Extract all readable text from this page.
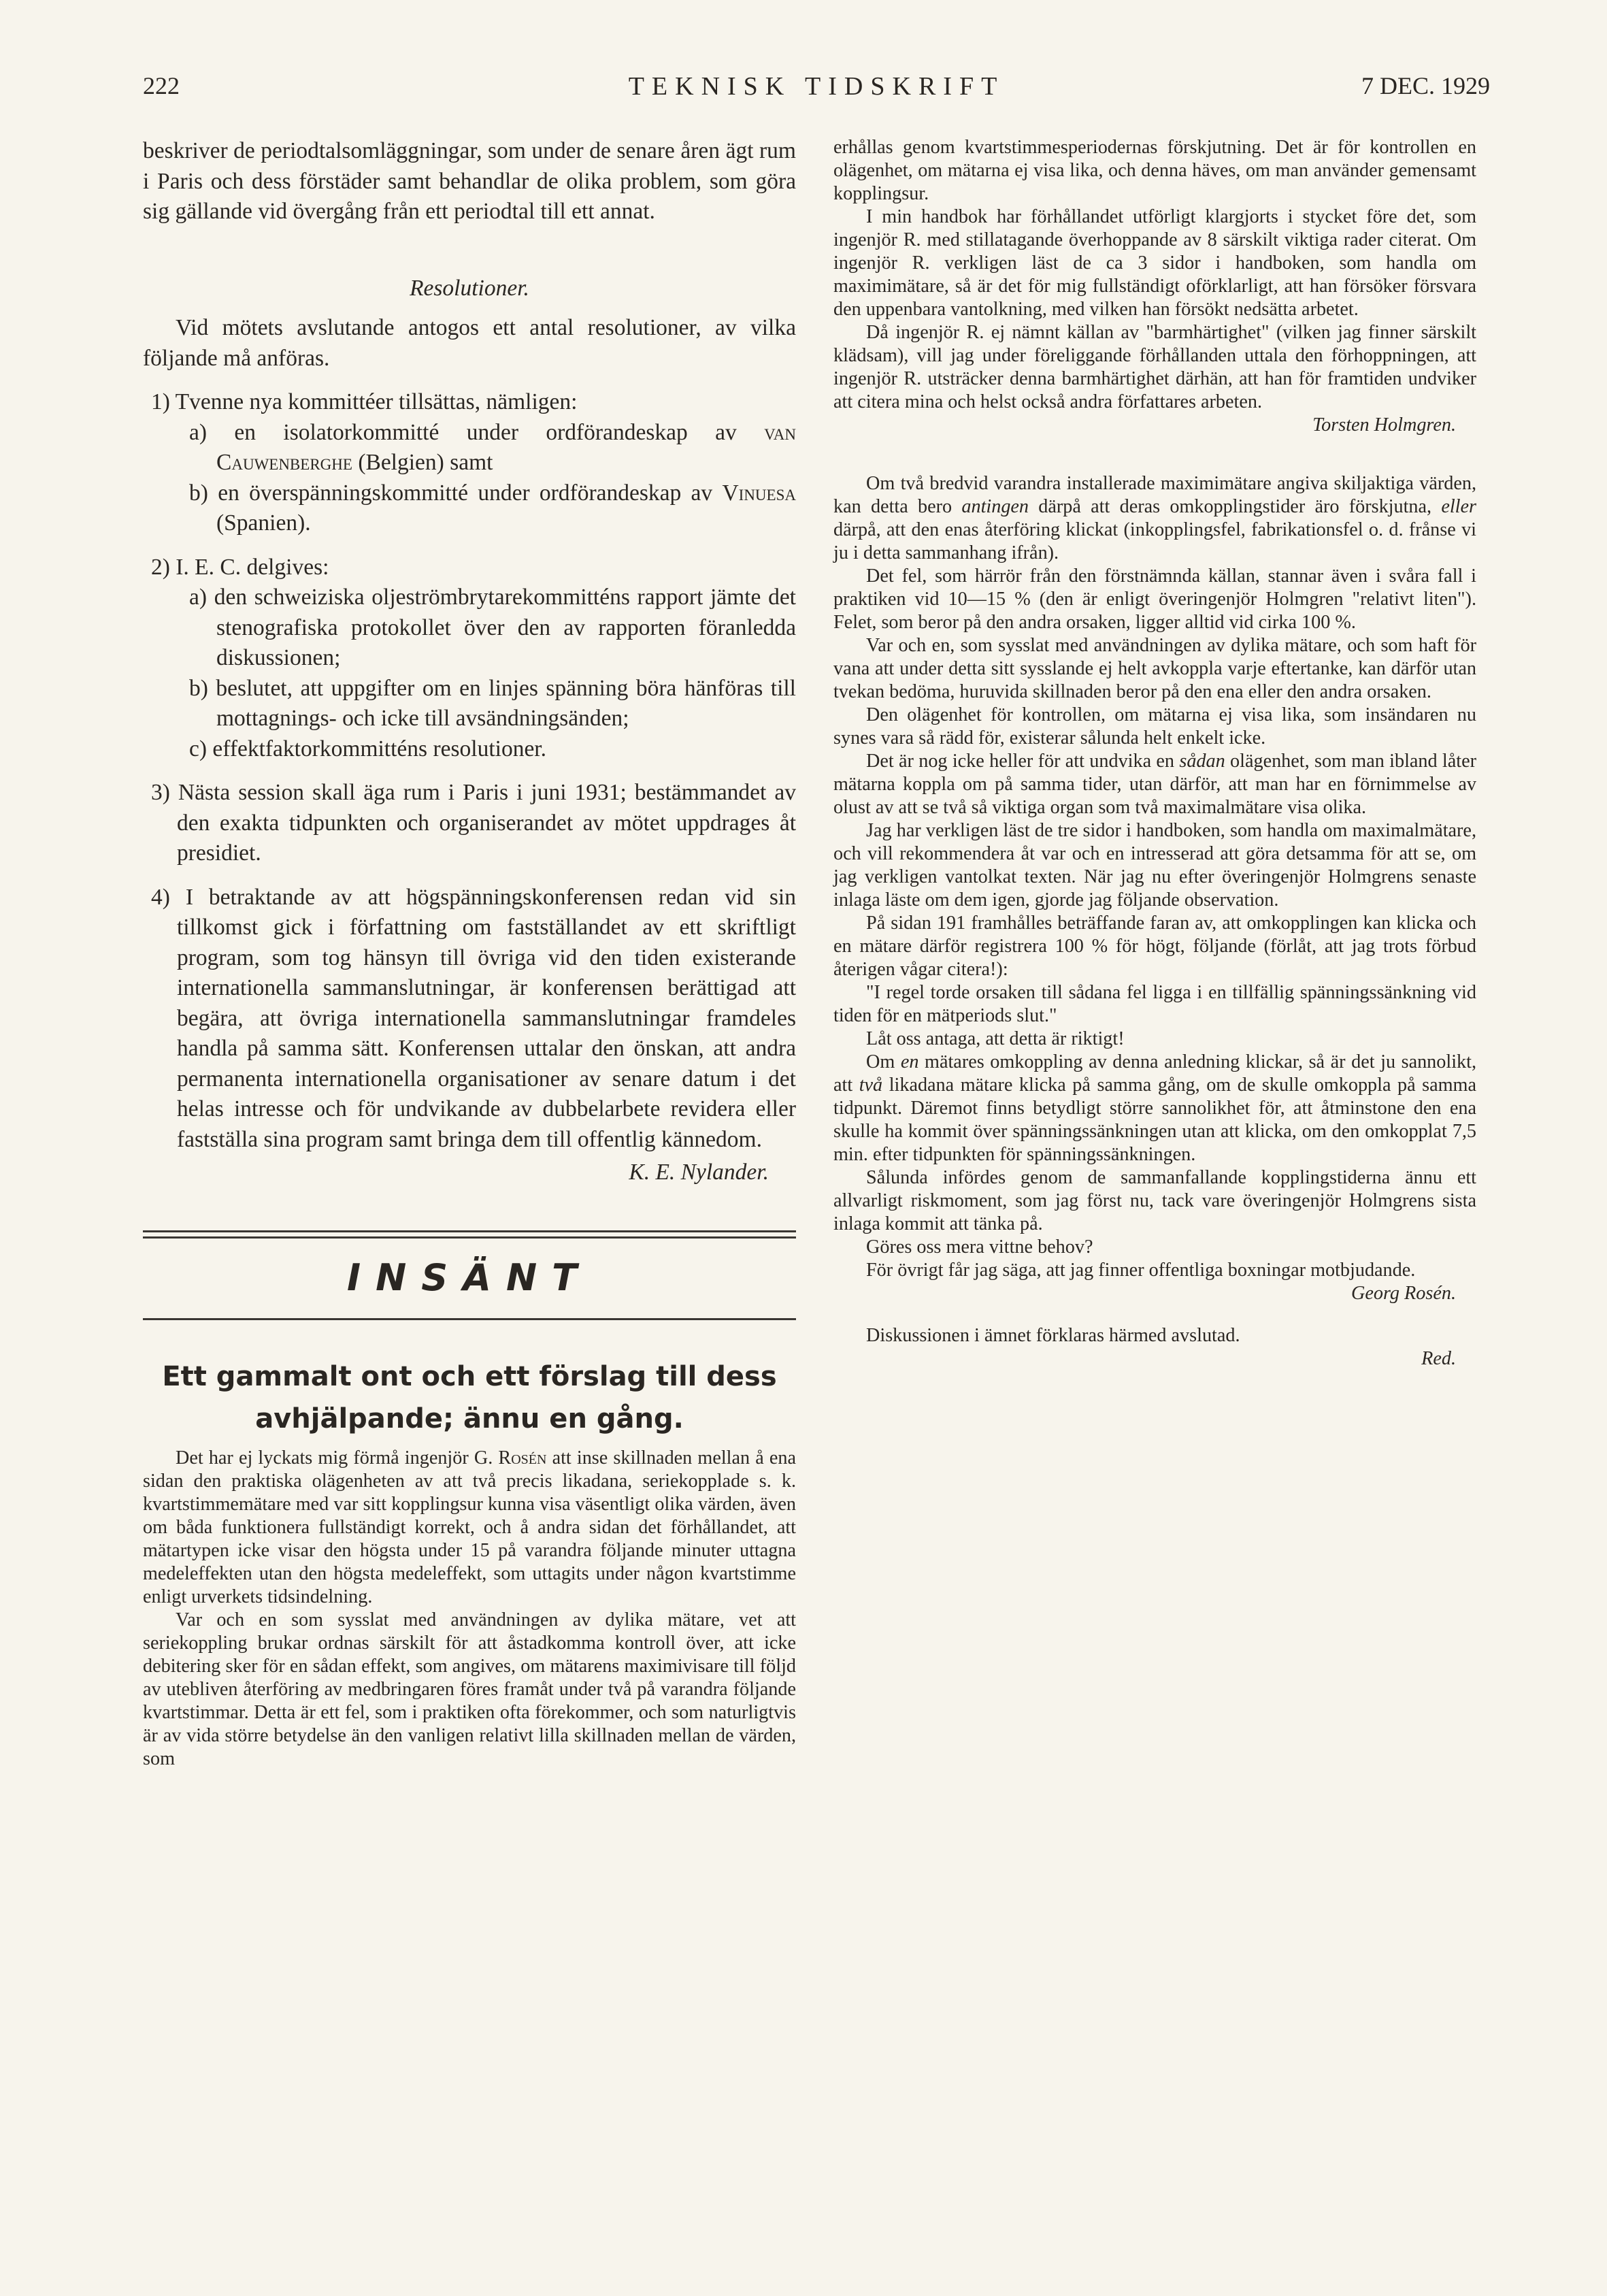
222	TEKNISK TIDSKRIFT	7 DEC. 1929

beskriver de periodtalsomläggningar, som under de senare åren ägt rum i Paris och dess förstäder samt behandlar de olika problem, som göra sig gällande vid övergång från ett periodtal till ett annat.

Resolutioner.

Vid mötets avslutande antogos ett antal resolutioner, av vilka följande må anföras.

1) Tvenne nya kommittéer tillsättas, nämligen:
a) en isolatorkommitté under ordförandeskap av van Cauwenberghe (Belgien) samt
b) en överspänningskommitté under ordförandeskap av Vinuesa (Spanien).
2) I. E. C. delgives:
a) den schweiziska oljeströmbrytarekommitténs rapport jämte det stenografiska protokollet över den av rapporten föranledda diskussionen;
b) beslutet, att uppgifter om en linjes spänning böra hänföras till mottagnings- och icke till avsändningsänden;
c) effektfaktorkommitténs resolutioner.
3) Nästa session skall äga rum i Paris i juni 1931; bestämmandet av den exakta tidpunkten och organiserandet av mötet uppdrages åt presidiet.
4) I betraktande av att högspänningskonferensen redan vid sin tillkomst gick i författning om fastställandet av ett skriftligt program, som tog hänsyn till övriga vid den tiden existerande internationella sammanslutningar, är konferensen berättigad att begära, att övriga internationella sammanslutningar framdeles handla på samma sätt. Konferensen uttalar den önskan, att andra permanenta internationella organisationer av senare datum i det helas intresse och för undvikande av dubbelarbete revidera eller fastställa sina program samt bringa dem till offentlig kännedom.

K. E. Nylander.

INSÄNT
Ett gammalt ont och ett förslag till dess avhjälpande; ännu en gång.

Det har ej lyckats mig förmå ingenjör G. Rosén att inse skillnaden mellan å ena sidan den praktiska olägenheten av att två precis likadana, seriekopplade s. k. kvartstimmemätare med var sitt kopplingsur kunna visa väsentligt olika värden, även om båda funktionera fullständigt korrekt, och å andra sidan det förhållandet, att mätartypen icke visar den högsta under 15 på varandra följande minuter uttagna medeleffekten utan den högsta medeleffekt, som uttagits under någon kvartstimme enligt urverkets tidsindelning.

Var och en som sysslat med användningen av dylika mätare, vet att seriekoppling brukar ordnas särskilt för att åstadkomma kontroll över, att icke debitering sker för en sådan effekt, som angives, om mätarens maximivisare till följd av utebliven återföring av medbringaren föres framåt under två på varandra följande kvartstimmar. Detta är ett fel, som i praktiken ofta förekommer, och som naturligtvis är av vida större betydelse än den vanligen relativt lilla skillnaden mellan de värden, som

erhållas genom kvartstimmesperiodernas förskjutning. Det är för kontrollen en olägenhet, om mätarna ej visa lika, och denna häves, om man använder gemensamt kopplingsur.

I min handbok har förhållandet utförligt klargjorts i stycket före det, som ingenjör R. med stillatagande överhoppande av 8 särskilt viktiga rader citerat. Om ingenjör R. verkligen läst de ca 3 sidor i handboken, som handla om maximimätare, så är det för mig fullständigt oförklarligt, att han försöker försvara den uppenbara vantolkning, med vilken han försökt nedsätta arbetet.

Då ingenjör R. ej nämnt källan av "barmhärtighet" (vilken jag finner särskilt klädsam), vill jag under föreliggande förhållanden uttala den förhoppningen, att ingenjör R. utsträcker denna barmhärtighet därhän, att han för framtiden undviker att citera mina och helst också andra författares arbeten.

Torsten Holmgren.

Om två bredvid varandra installerade maximimätare angiva skiljaktiga värden, kan detta bero antingen därpå att deras omkopplingstider äro förskjutna, eller därpå, att den enas återföring klickat (inkopplingsfel, fabrikationsfel o. d. frånse vi ju i detta sammanhang ifrån).

Det fel, som härrör från den förstnämnda källan, stannar även i svåra fall i praktiken vid 10—15 % (den är enligt överingenjör Holmgren "relativt liten"). Felet, som beror på den andra orsaken, ligger alltid vid cirka 100 %.

Var och en, som sysslat med användningen av dylika mätare, och som haft för vana att under detta sitt sysslande ej helt avkoppla varje eftertanke, kan därför utan tvekan bedöma, huruvida skillnaden beror på den ena eller den andra orsaken.

Den olägenhet för kontrollen, om mätarna ej visa lika, som insändaren nu synes vara så rädd för, existerar sålunda helt enkelt icke.

Det är nog icke heller för att undvika en sådan olägenhet, som man ibland låter mätarna koppla om på samma tider, utan därför, att man har en förnimmelse av olust av att se två så viktiga organ som två maximalmätare visa olika.

Jag har verkligen läst de tre sidor i handboken, som handla om maximalmätare, och vill rekommendera åt var och en intresserad att göra detsamma för att se, om jag verkligen vantolkat texten. När jag nu efter överingenjör Holmgrens senaste inlaga läste om dem igen, gjorde jag följande observation.

På sidan 191 framhålles beträffande faran av, att omkopplingen kan klicka och en mätare därför registrera 100 % för högt, följande (förlåt, att jag trots förbud återigen vågar citera!):

"I regel torde orsaken till sådana fel ligga i en tillfällig spänningssänkning vid tiden för en mätperiods slut."

Låt oss antaga, att detta är riktigt!

Om en mätares omkoppling av denna anledning klickar, så är det ju sannolikt, att två likadana mätare klicka på samma gång, om de skulle omkoppla på samma tidpunkt. Däremot finns betydligt större sannolikhet för, att åtminstone den ena skulle ha kommit över spänningssänkningen utan att klicka, om den omkopplat 7,5 min. efter tidpunkten för spänningssänkningen.

Sålunda infördes genom de sammanfallande kopplingstiderna ännu ett allvarligt riskmoment, som jag först nu, tack vare överingenjör Holmgrens sista inlaga kommit att tänka på.

Göres oss mera vittne behov?

För övrigt får jag säga, att jag finner offentliga boxningar motbjudande.

Georg Rosén.

Diskussionen i ämnet förklaras härmed avslutad.

Red.
